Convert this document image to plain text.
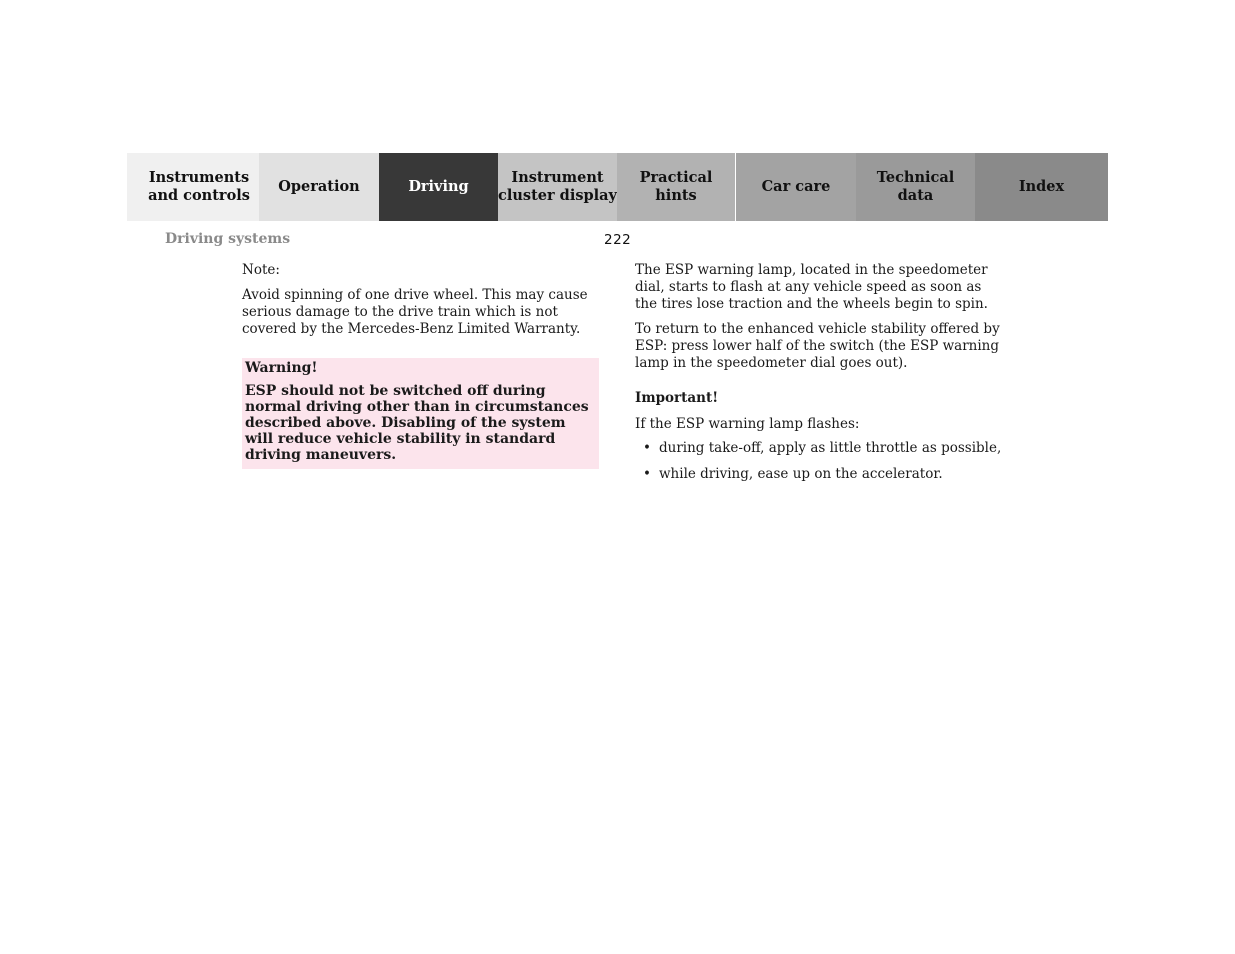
Instruments
and controls
Operation	Driving
Instrument
cluster display
Practical hints
Car care
Technical
data
Index
Driving systems	222

Note:

Avoid spinning of one drive wheel. This may cause serious damage to the drive train which is not covered by the Mercedes-Benz Limited Warranty.

Warning!

ESP should not be switched off during normal driving other than in circumstances described above. Disabling of the system will reduce vehicle stability in standard driving maneuvers.

The ESP warning lamp, located in the speedometer dial, starts to flash at any vehicle speed as soon as the tires lose traction and the wheels begin to spin.

To return to the enhanced vehicle stability offered by ESP: press lower half of the switch (the ESP warning lamp in the speedometer dial goes out).

Important!

If the ESP warning lamp flashes:

• during take-off, apply as little throttle as possible,
• while driving, ease up on the accelerator.
